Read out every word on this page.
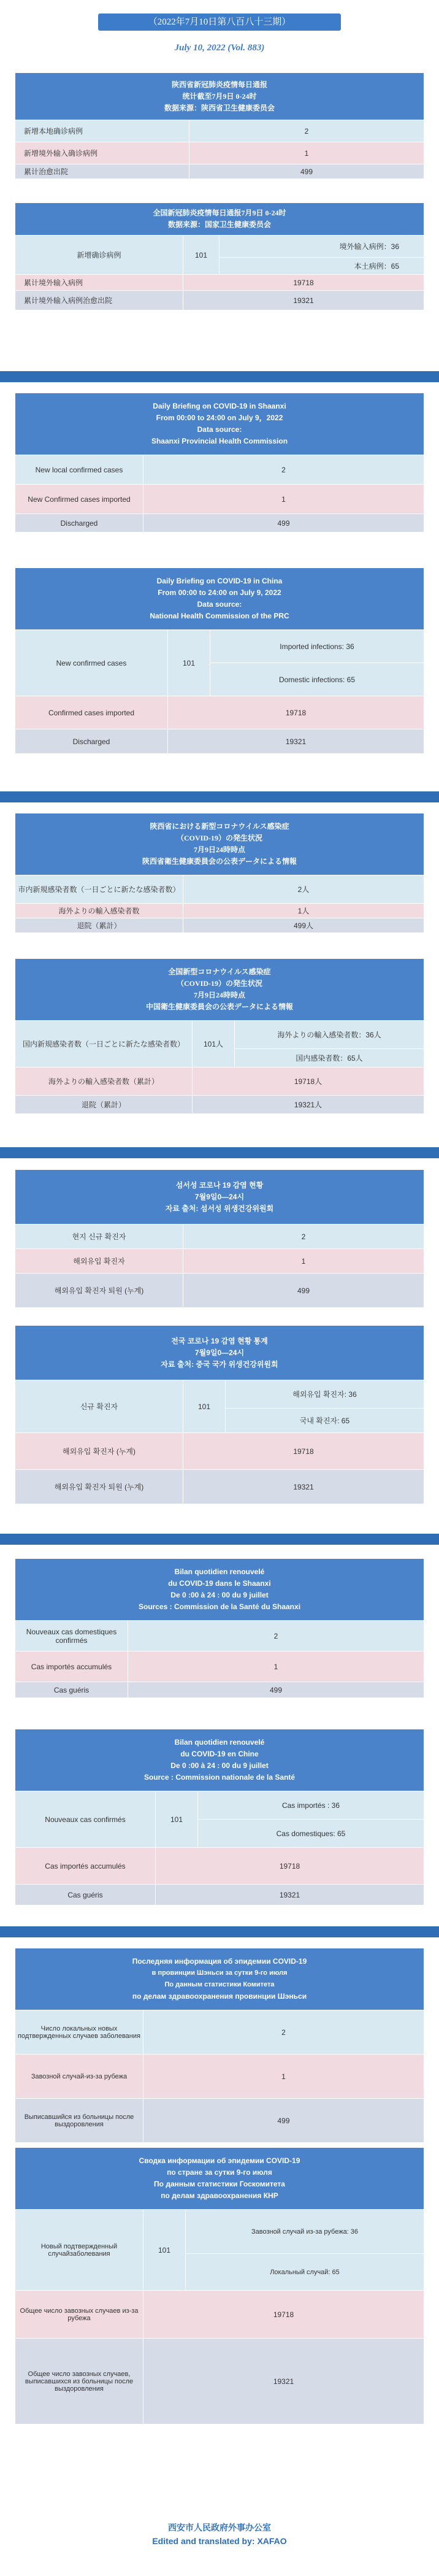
（2022年7月10日第八百八十三期）
July 10, 2022 (Vol. 883)
陕西省新冠肺炎疫情每日通报
统计截至7月9日 0-24时
数据来源：陕西省卫生健康委员会	

新增本地确诊病例	2
新增境外输入确诊病例	1
累计治愈出院	499
全国新冠肺炎疫情每日通报7月9日 0-24时
数据来源：国家卫生健康委员会		

新增确诊病例	101	境外输入病例：36
		本土病例：65
累计境外输入病例	19718	
累计境外输入病例治愈出院	19321	
Daily Briefing on COVID-19 in Shaanxi
From 00:00 to 24:00 on July 9，2022
Data source:
Shaanxi Provincial Health Commission	

New local confirmed cases	2
New Confirmed cases imported	1
Discharged	499
Daily Briefing on COVID-19 in China
From 00:00 to 24:00 on July 9, 2022
Data source:
National Health Commission of the PRC		

New confirmed cases	101	Imported infections: 36
		Domestic infections: 65
Confirmed cases imported	19718	
Discharged	19321	
陝西省における新型コロナウイルス感染症
（COVID-19）の発生状況
7月9日24時時点
陝西省衛生健康委員会の公表データによる情報	

市内新規感染者数（一日ごとに新たな感染者数）	2人
海外よりの輸入感染者数	1人
退院（累計）	499人
全国新型コロナウイルス感染症
（COVID-19）の発生状況
7月9日24時時点
中国衛生健康委員会の公表データによる情報		

国内新規感染者数（一日ごとに新たな感染者数）	101人	海外よりの輸入感染者数：36人
		国内感染者数：65人
海外よりの輸入感染者数（累計）	19718人	
退院（累計）	19321人	
섬서성 코로나 19 감염 현황
7월9일0—24시
자료 출처: 섬서성 위생건강위원회	

현지 신규 확진자	2
해외유입 확진자	1
해외유입 확진자 퇴원 (누계)	499
전국 코로나 19 감염 현황 통계
7월9일0—24시
자료 출처: 중국 국가 위생건강위원회		

신규 확진자	101	해외유입 확진자: 36
		국내 확진자: 65
해외유입 확진자 (누계)	19718	
해외유입 확진자 퇴원 (누계)	19321	
Bilan quotidien renouvelé
du COVID-19 dans le Shaanxi
De 0 :00 à 24 : 00 du 9 juillet
Sources : Commission de la Santé du Shaanxi	

Nouveaux cas domestiques confirmés	2
Cas importés accumulés	1
Cas guéris	499
Bilan quotidien renouvelé
du COVID-19 en Chine
De 0 :00 à 24 : 00 du 9 juillet
Source : Commission nationale de la Santé		

Nouveaux cas confirmés	101	Cas importés : 36
		Cas domestiques: 65
Cas importés accumulés	19718	
Cas guéris	19321	
Последняя информация об эпидемии COVID-19
в провинции Шэньси за сутки 9-го июля
По данным статистики Комитета
по делам здравоохранения провинции Шэньси	

Число локальных новых подтвержденных случаев заболевания	2
Завозной случай-из-за рубежа	1
Выписавшийся из больницы после выздоровления	499
Сводка информации об эпидемии COVID-19
по стране за сутки 9-го июля
По данным статистики Госкомитета
по делам здравоохранения КНР		

Новый подтвержденный случайзаболевания	101	Завозной случай из-за рубежа: 36
		Локальный случай: 65
Общее число завозных случаев из-за рубежа	19718	
Общее число завозных случаев, выписавшихся из больницы после выздоровления	19321	
西安市人民政府外事办公室
Edited and translated by: XAFAO
